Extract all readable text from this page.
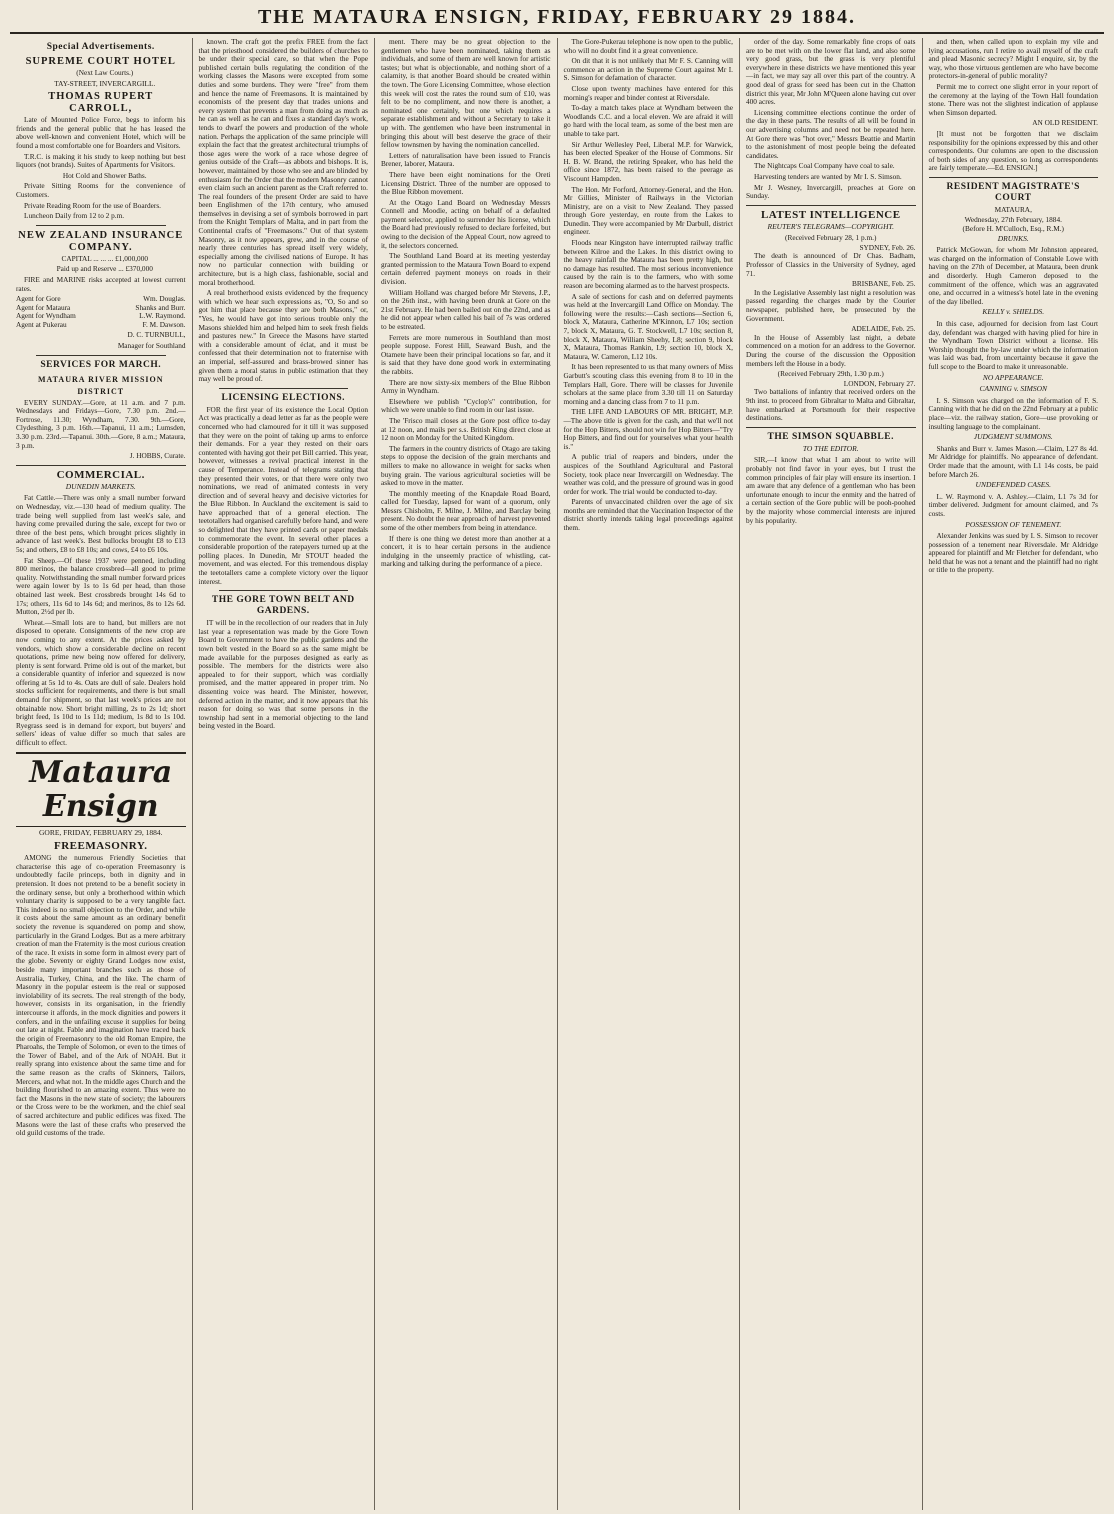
THE MATAURA ENSIGN, FRIDAY, FEBRUARY 29 1884.
Special Advertisements.
SUPREME COURT HOTEL

(Next Law Courts.)

TAY-STREET, INVERCARGILL.

THOMAS RUPERT CARROLL,

Late of Mounted Police Force, begs to inform his friends and the general public that he has leased the above well-known and convenient Hotel, which will be found a most comfortable one for Boarders and Visitors.

T.R.C. is making it his study to keep nothing but best liquors (not brands). Suites of Apartments for Visitors.

Hot Cold and Shower Baths.

Private Sitting Rooms for the convenience of Customers.

Private Reading Room for the use of Boarders.

Luncheon Daily from 12 to 2 p.m.

NEW ZEALAND INSURANCE COMPANY.

CAPITAL ... ... ... £1,000,000

Paid up and Reserve ... £370,000

FIRE and MARINE risks accepted at lowest current rates.

Agent for Gore	Wm. Douglas.
Agent for Mataura	Shanks and Burr.
Agent for Wyndham	L.W. Raymond.
Agent at Pukerau	F. M. Dawson.

D. C. TURNBULL,

Manager for Southland

SERVICES FOR MARCH.
MATAURA RIVER MISSION DISTRICT

EVERY SUNDAY.—Gore, at 11 a.m. and 7 p.m. Wednesdays and Fridays—Gore, 7.30 p.m. 2nd.—Fortrose, 11.30; Wyndham, 7.30. 9th.—Gore, Clydesthing, 3 p.m. 16th.—Tapanui, 11 a.m.; Lumsden, 3.30 p.m. 23rd.—Tapanui. 30th.—Gore, 8 a.m.; Mataura, 3 p.m.

J. HOBBS, Curate.

COMMERCIAL.
DUNEDIN MARKETS.

Fat Cattle.—There was only a small number forward on Wednesday, viz.—130 head of medium quality. The trade being well supplied from last week's sale, and having come prevailed during the sale, except for two or three of the best pens, which brought prices slightly in advance of last week's. Best bullocks brought £8 to £13 5s; and others, £8 to £8 10s; and cows, £4 to £6 10s.

Fat Sheep.—Of these 1937 were penned, including 800 merinos, the balance crossbred—all good to prime quality. Notwithstanding the small number forward prices were again lower by 1s to 1s 6d per head, than those obtained last week. Best crossbreds brought 14s 6d to 17s; others, 11s 6d to 14s 6d; and merinos, 8s to 12s 6d. Mutton, 2½d per lb.

Wheat.—Small lots are to hand, but millers are not disposed to operate. Consignments of the new crop are now coming to any extent. At the prices asked by vendors, which show a considerable decline on recent quotations, prime new being now offered for delivery, plenty is sent forward. Prime old is out of the market, but a considerable quantity of inferior and squeezed is now offering at 5s 1d to 4s. Oats are dull of sale. Dealers hold stocks sufficient for requirements, and there is but small demand for shipment, so that last week's prices are not obtainable now. Short bright milling, 2s to 2s 1d; short bright feed, 1s 10d to 1s 11d; medium, 1s 8d to 1s 10d. Ryegrass seed is in demand for export, but buyers' and sellers' ideas of value differ so much that sales are difficult to effect.

Mataura Ensign
GORE, FRIDAY, FEBRUARY 29, 1884.
FREEMASONRY.

AMONG the numerous Friendly Societies that characterise this age of co-operation Freemasonry is undoubtedly facile princeps, both in dignity and in pretension. It does not pretend to be a benefit society in the ordinary sense, but only a brotherhood within which voluntary charity is supposed to be a very tangible fact. This indeed is no small objection to the Order, and while it costs about the same amount as an ordinary benefit society the revenue is squandered on pomp and show, particularly in the Grand Lodges. But as a mere arbitrary creation of man the Fraternity is the most curious creation of the race. It exists in some form in almost every part of the globe. Seventy or eighty Grand Lodges now exist, beside many important branches such as those of Australia, Turkey, China, and the like. The charm of Masonry in the popular esteem is the real or supposed inviolability of its secrets. The real strength of the body, however, consists in its organisation, in the friendly intercourse it affords, in the mock dignities and powers it confers, and in the unfailing excuse it supplies for being out late at night. Fable and imagination have traced back the origin of Freemasonry to the old Roman Empire, the Pharoahs, the Temple of Solomon, or even to the times of the Tower of Babel, and of the Ark of NOAH. But it really sprang into existence about the same time and for the same reason as the crafts of Skinners, Tailors, Mercers, and what not. In the middle ages Church and the building flourished to an amazing extent. Thus were no fact the Masons in the new state of society; the labourers or the Cross were to be the workmen, and the chief seal of sacred architecture and public edifices was fixed. The Masons were the last of these crafts who preserved the old guild customs of the trade.

known. The craft got the prefix FREE from the fact that the priesthood considered the builders of churches to be under their special care, so that when the Pope published certain bulls regulating the condition of the working classes the Masons were excepted from some duties and some burdens. They were "free" from them and hence the name of Freemasons. It is maintained by economists of the present day that trades unions and every system that prevents a man from doing as much as he can as well as he can and fixes a standard day's work, tends to dwarf the powers and production of the whole nation. Perhaps the application of the same principle will explain the fact that the greatest architectural triumphs of those ages were the work of a race whose degree of genius outside of the Craft—as abbots and bishops. It is, however, maintained by those who see and are blinded by enthusiasm for the Order that the modern Masonry cannot even claim such an ancient parent as the Craft referred to. The real founders of the present Order are said to have been Englishmen of the 17th century, who amused themselves in devising a set of symbols borrowed in part from the Knight Templars of Malta, and in part from the Continental crafts of "Freemasons." Out of that system Masonry, as it now appears, grew, and in the course of nearly three centuries has spread itself very widely, especially among the civilised nations of Europe. It has now no particular connection with building or architecture, but is a high class, fashionable, social and moral brotherhood.

A real brotherhood exists evidenced by the frequency with which we hear such expressions as, "O, So and so got him that place because they are both Masons," or, "Yes, he would have got into serious trouble only the Masons shielded him and helped him to seek fresh fields and pastures new." In Greece the Masons have started with a considerable amount of éclat, and it must be confessed that their determination not to fraternise with an imperial, self-assured and brass-browed sinner has given them a moral status in public estimation that they may well be proud of.

LICENSING ELECTIONS.

FOR the first year of its existence the Local Option Act was practically a dead letter as far as the people were concerned who had clamoured for it till it was supposed that they were on the point of taking up arms to enforce their demands. For a year they rested on their oars contented with having got their pet Bill carried. This year, however, witnesses a revival practical interest in the cause of Temperance. Instead of telegrams stating that they presented their votes, or that there were only two nominations, we read of animated contests in very direction and of several heavy and decisive victories for the Blue Ribbon. In Auckland the excitement is said to have approached that of a general election. The teetotallers had organised carefully before hand, and were so delighted that they have printed cards or paper medals to commemorate the event. In several other places a considerable proportion of the ratepayers turned up at the polling places. In Dunedin, Mr STOUT headed the movement, and was elected. For this tremendous display the teetotallers came a complete victory over the liquor interest.

THE GORE TOWN BELT AND GARDENS.

IT will be in the recollection of our readers that in July last year a representation was made by the Gore Town Board to Government to have the public gardens and the town belt vested in the Board so as the same might be made available for the purposes designed as early as possible. The members for the districts were also appealed to for their support, which was cordially promised, and the matter appeared in proper trim. No dissenting voice was heard. The Minister, however, deferred action in the matter, and it now appears that his reason for doing so was that some persons in the township had sent in a memorial objecting to the land being vested in the Board.

ment. There may be no great objection to the gentlemen who have been nominated, taking them as individuals, and some of them are well known for artistic tastes; but what is objectionable, and nothing short of a calamity, is that another Board should be created within the town. The Gore Licensing Committee, whose election this week will cost the rates the round sum of £10, was felt to be no compliment, and now there is another, a nominated one certainly, but one which requires a separate establishment and without a Secretary to take it up with. The gentlemen who have been instrumental in bringing this about will best deserve the grace of their fellow townsmen by having the nomination cancelled.

Letters of naturalisation have been issued to Francis Brener, laborer, Mataura.

There have been eight nominations for the Oreti Licensing District. Three of the number are opposed to the Blue Ribbon movement.

At the Otago Land Board on Wednesday Messrs Connell and Moodie, acting on behalf of a defaulted payment selector, applied to surrender his license, which the Board had previously refused to declare forfeited, but owing to the decision of the Appeal Court, now agreed to it, the selectors concerned.

The Southland Land Board at its meeting yesterday granted permission to the Mataura Town Board to expend certain deferred payment moneys on roads in their division.

William Holland was charged before Mr Stevens, J.P., on the 26th inst., with having been drunk at Gore on the 21st February. He had been bailed out on the 22nd, and as he did not appear when called his bail of 7s was ordered to be estreated.

Ferrets are more numerous in Southland than most people suppose. Forest Hill, Seaward Bush, and the Otamete have been their principal locations so far, and it is said that they have done good work in exterminating the rabbits.

There are now sixty-six members of the Blue Ribbon Army in Wyndham.

Elsewhere we publish "Cyclop's" contribution, for which we were unable to find room in our last issue.

The 'Frisco mail closes at the Gore post office to-day at 12 noon, and mails per s.s. British King direct close at 12 noon on Monday for the United Kingdom.

The farmers in the country districts of Otago are taking steps to oppose the decision of the grain merchants and millers to make no allowance in weight for sacks when buying grain. The various agricultural societies will be asked to move in the matter.

The monthly meeting of the Knapdale Road Board, called for Tuesday, lapsed for want of a quorum, only Messrs Chisholm, F. Milne, J. Milne, and Barclay being present. No doubt the near approach of harvest prevented some of the other members from being in attendance.

If there is one thing we detest more than another at a concert, it is to hear certain persons in the audience indulging in the unseemly practice of whistling, cat-marking and talking during the performance of a piece.

The Gore-Pukerau telephone is now open to the public, who will no doubt find it a great convenience.

On dit that it is not unlikely that Mr F. S. Canning will commence an action in the Supreme Court against Mr I. S. Simson for defamation of character.

Close upon twenty machines have entered for this morning's reaper and binder contest at Riversdale.

To-day a match takes place at Wyndham between the Woodlands C.C. and a local eleven. We are afraid it will go hard with the local team, as some of the best men are unable to take part.

Sir Arthur Wellesley Peel, Liberal M.P. for Warwick, has been elected Speaker of the House of Commons. Sir H. B. W. Brand, the retiring Speaker, who has held the office since 1872, has been raised to the peerage as Viscount Hampden.

The Hon. Mr Forford, Attorney-General, and the Hon. Mr Gillies, Minister of Railways in the Victorian Ministry, are on a visit to New Zealand. They passed through Gore yesterday, en route from the Lakes to Dunedin. They were accompanied by Mr Darbull, district engineer.

Floods near Kingston have interrupted railway traffic between Kilroe and the Lakes. In this district owing to the heavy rainfall the Mataura has been pretty high, but no damage has resulted. The most serious inconvenience caused by the rain is to the farmers, who with some reason are becoming alarmed as to the harvest prospects.

A sale of sections for cash and on deferred payments was held at the Invercargill Land Office on Monday. The following were the results:—Cash sections—Section 6, block X, Mataura, Catherine M'Kinnon, L7 10s; section 7, block X, Mataura, G. T. Stockwell, L7 10s; section 8, block X, Mataura, William Sheehy, L8; section 9, block X, Mataura, Thomas Rankin, L9; section 10, block X, Mataura, W. Cameron, L12 10s.

It has been represented to us that many owners of Miss Garbutt's scouting class this evening from 8 to 10 in the Templars Hall, Gore. There will be classes for Juvenile scholars at the same place from 3.30 till 11 on Saturday morning and a dancing class from 7 to 11 p.m.

THE LIFE AND LABOURS OF MR. BRIGHT, M.P.—The above title is given for the cash, and that we'll not for the Hop Bitters, should not win for Hop Bitters—"Try Hop Bitters, and find out for yourselves what your health is."

A public trial of reapers and binders, under the auspices of the Southland Agricultural and Pastoral Society, took place near Invercargill on Wednesday. The weather was cold, and the pressure of ground was in good order for work. The trial would be conducted to-day.

Parents of unvaccinated children over the age of six months are reminded that the Vaccination Inspector of the district shortly intends taking legal proceedings against them.

order of the day. Some remarkably fine crops of oats are to be met with on the lower flat land, and also some very good grass, but the grass is very plentiful everywhere in these districts we have mentioned this year—in fact, we may say all over this part of the country. A good deal of grass for seed has been cut in the Chatton district this year, Mr John M'Queen alone having cut over 400 acres.

Licensing committee elections continue the order of the day in these parts. The results of all will be found in our advertising columns and need not be repeated here. At Gore there was "hot over," Messrs Beattie and Martin to the astonishment of most people being the defeated candidates.

The Nightcaps Coal Company have coal to sale.

Harvesting tenders are wanted by Mr I. S. Simson.

Mr J. Wesney, Invercargill, preaches at Gore on Sunday.

LATEST INTELLIGENCE
REUTER'S TELEGRAMS—COPYRIGHT.
(Received February 28, 1 p.m.)
SYDNEY, Feb. 26.

The death is announced of Dr Chas. Badham, Professor of Classics in the University of Sydney, aged 71.

BRISBANE, Feb. 25.

In the Legislative Assembly last night a resolution was passed regarding the charges made by the Courier newspaper, published here, be prosecuted by the Government.

ADELAIDE, Feb. 25.

In the House of Assembly last night, a debate commenced on a motion for an address to the Governor. During the course of the discussion the Opposition members left the House in a body.

(Received February 29th, 1.30 p.m.)
LONDON, February 27.

Two battalions of infantry that received orders on the 9th inst. to proceed from Gibraltar to Malta and Gibraltar, have embarked at Portsmouth for their respective destinations.

THE SIMSON SQUABBLE.
TO THE EDITOR.

SIR,—I know that what I am about to write will probably not find favor in your eyes, but I trust the common principles of fair play will ensure its insertion. I am aware that any defence of a gentleman who has been unfortunate enough to incur the enmity and the hatred of a certain section of the Gore public will be pooh-poohed by the majority whose commercial interests are injured by his popularity.

and then, when called upon to explain my vile and lying accusations, run I retire to avail myself of the craft and plead Masonic secrecy? Might I enquire, sir, by the way, who those virtuous gentlemen are who have become protectors-in-general of public morality?

Permit me to correct one slight error in your report of the ceremony at the laying of the Town Hall foundation stone. There was not the slightest indication of applause when Simson departed.

AN OLD RESIDENT.

[It must not be forgotten that we disclaim responsibility for the opinions expressed by this and other correspondents. Our columns are open to the discussion of both sides of any question, so long as correspondents are fairly temperate.—Ed. ENSIGN.]

RESIDENT MAGISTRATE'S COURT
MATAURA,
Wednesday, 27th February, 1884.
(Before H. M'Culloch, Esq., R.M.)
DRUNKS.

Patrick McGowan, for whom Mr Johnston appeared, was charged on the information of Constable Lowe with having on the 27th of December, at Mataura, been drunk and disorderly. Hugh Cameron deposed to the commitment of the offence, which was an aggravated one, and occurred in a witness's hotel late in the evening of the day libelled.

KELLY v. SHIELDS.

In this case, adjourned for decision from last Court day, defendant was charged with having plied for hire in the Wyndham Town District without a license. His Worship thought the by-law under which the information was laid was bad, from uncertainty because it gave the full scope to the Board to make it unreasonable.

NO APPEARANCE.
CANNING v. SIMSON

I. S. Simson was charged on the information of F. S. Canning with that he did on the 22nd February at a public place—viz. the railway station, Gore—use provoking or insulting language to the complainant.

JUDGMENT SUMMONS.

Shanks and Burr v. James Mason.—Claim, L27 8s 4d. Mr Aldridge for plaintiffs. No appearance of defendant. Order made that the amount, with L1 14s costs, be paid before March 26.

UNDEFENDED CASES.

L. W. Raymond v. A. Ashley.—Claim, L1 7s 3d for timber delivered. Judgment for amount claimed, and 7s costs.

POSSESSION OF TENEMENT.

Alexander Jenkins was sued by I. S. Simson to recover possession of a tenement near Riversdale. Mr Aldridge appeared for plaintiff and Mr Fletcher for defendant, who held that he was not a tenant and the plaintiff had no right or title to the property.
